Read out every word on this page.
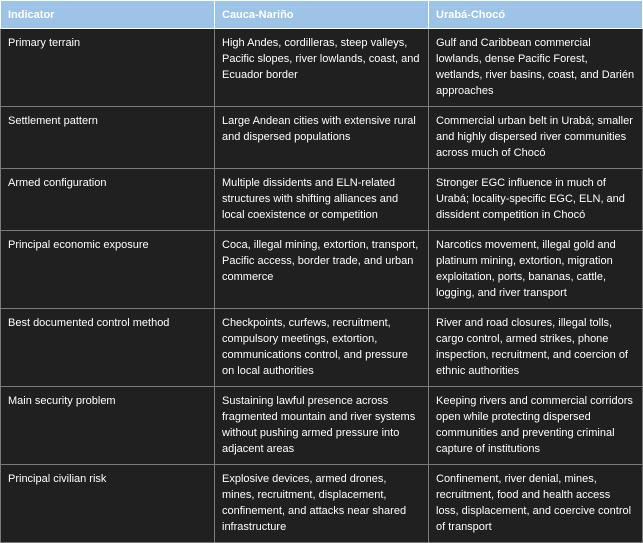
Indicator	Cauca-Nariño	Urabá-Chocó
Primary terrain	High Andes, cordilleras, steep valleys, Pacific slopes, river lowlands, coast, and Ecuador border	Gulf and Caribbean commercial lowlands, dense Pacific Forest, wetlands, river basins, coast, and Darién approaches
Settlement pattern	Large Andean cities with extensive rural and dispersed populations	Commercial urban belt in Urabá; smaller and highly dispersed river communities across much of Chocó
Armed configuration	Multiple dissidents and ELN-related structures with shifting alliances and local coexistence or competition	Stronger EGC influence in much of Urabá; locality-specific EGC, ELN, and dissident competition in Chocó
Principal economic exposure	Coca, illegal mining, extortion, transport, Pacific access, border trade, and urban commerce	Narcotics movement, illegal gold and platinum mining, extortion, migration exploitation, ports, bananas, cattle, logging, and river transport
Best documented control method	Checkpoints, curfews, recruitment, compulsory meetings, extortion, communications control, and pressure on local authorities	River and road closures, illegal tolls, cargo control, armed strikes, phone inspection, recruitment, and coercion of ethnic authorities
Main security problem	Sustaining lawful presence across fragmented mountain and river systems without pushing armed pressure into adjacent areas	Keeping rivers and commercial corridors open while protecting dispersed communities and preventing criminal capture of institutions
Principal civilian risk	Explosive devices, armed drones, mines, recruitment, displacement, confinement, and attacks near shared infrastructure	Confinement, river denial, mines, recruitment, food and health access loss, displacement, and coercive control of transport
